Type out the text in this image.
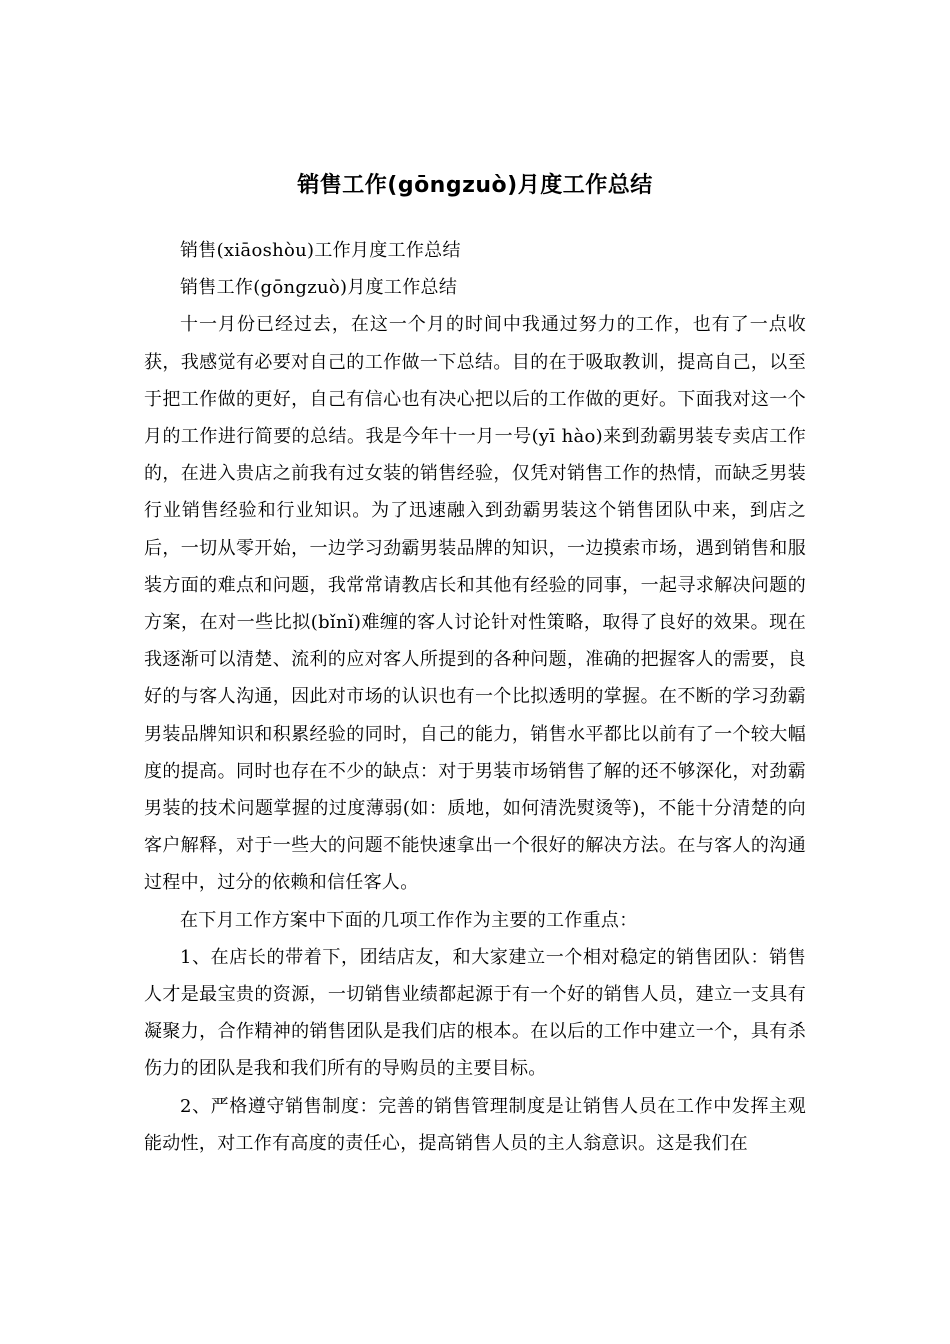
销售工作(gōngzuò)月度工作总结

销售(xiāoshòu)工作月度工作总结

销售工作(gōngzuò)月度工作总结

十一月份已经过去，在这一个月的时间中我通过努力的工作，也有了一点收获，我感觉有必要对自己的工作做一下总结。目的在于吸取教训，提高自己，以至于把工作做的更好，自己有信心也有决心把以后的工作做的更好。下面我对这一个月的工作进行简要的总结。我是今年十一月一号(yī hào)来到劲霸男装专卖店工作的，在进入贵店之前我有过女装的销售经验，仅凭对销售工作的热情，而缺乏男装行业销售经验和行业知识。为了迅速融入到劲霸男装这个销售团队中来，到店之后，一切从零开始，一边学习劲霸男装品牌的知识，一边摸索市场，遇到销售和服装方面的难点和问题，我常常请教店长和其他有经验的同事，一起寻求解决问题的方案，在对一些比拟(bǐnǐ)难缠的客人讨论针对性策略，取得了良好的效果。现在我逐渐可以清楚、流利的应对客人所提到的各种问题，准确的把握客人的需要，良好的与客人沟通，因此对市场的认识也有一个比拟透明的掌握。在不断的学习劲霸男装品牌知识和积累经验的同时，自己的能力，销售水平都比以前有了一个较大幅度的提高。同时也存在不少的缺点：对于男装市场销售了解的还不够深化，对劲霸男装的技术问题掌握的过度薄弱(如：质地，如何清洗熨烫等)，不能十分清楚的向客户解释，对于一些大的问题不能快速拿出一个很好的解决方法。在与客人的沟通过程中，过分的依赖和信任客人。

在下月工作方案中下面的几项工作作为主要的工作重点：

1、在店长的带着下，团结店友，和大家建立一个相对稳定的销售团队：销售人才是最宝贵的资源，一切销售业绩都起源于有一个好的销售人员，建立一支具有凝聚力，合作精神的销售团队是我们店的根本。在以后的工作中建立一个，具有杀伤力的团队是我和我们所有的导购员的主要目标。

2、严格遵守销售制度：完善的销售管理制度是让销售人员在工作中发挥主观能动性，对工作有高度的责任心，提高销售人员的主人翁意识。这是我们在
